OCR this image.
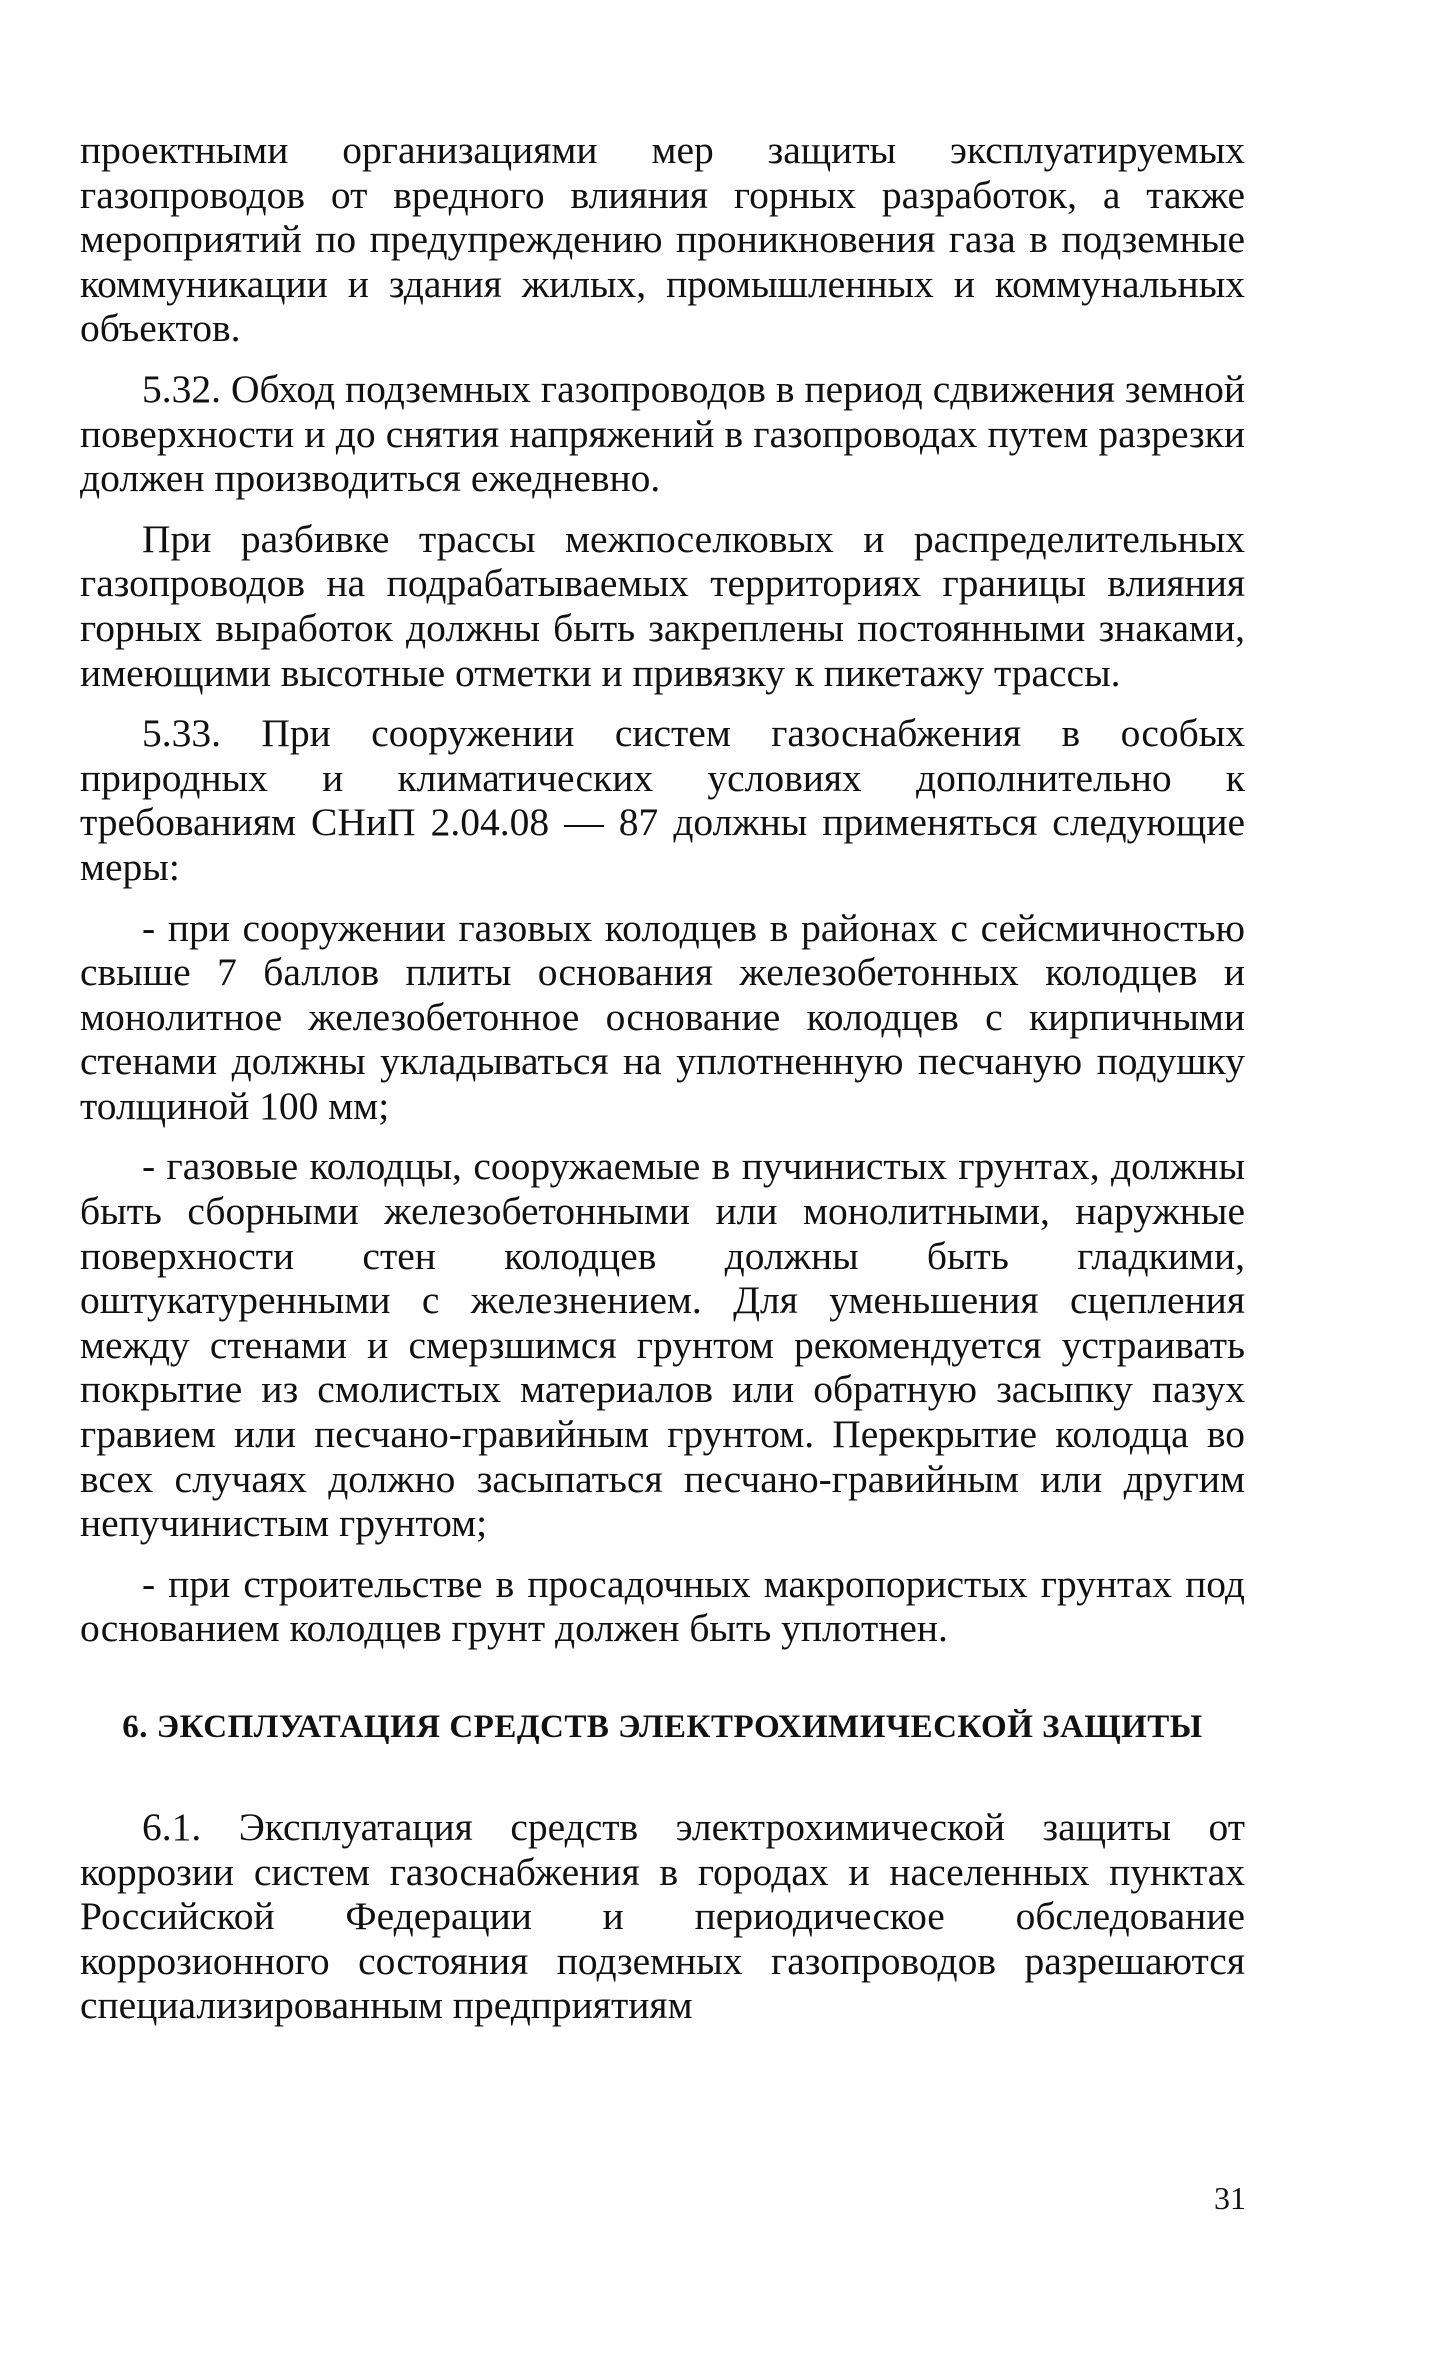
проектными организациями мер защиты эксплуатируемых газопроводов от вредного влияния горных разработок, а также мероприятий по предупреждению проникновения газа в подземные коммуникации и здания жилых, промышленных и коммунальных объектов.

5.32. Обход подземных газопроводов в период сдвижения земной поверхности и до снятия напряжений в газопроводах путем разрезки должен производиться ежедневно.

При разбивке трассы межпоселковых и распределительных газопроводов на подрабатываемых территориях границы влияния горных выработок должны быть закреплены постоянными знаками, имеющими высотные отметки и привязку к пикетажу трассы.

5.33. При сооружении систем газоснабжения в особых природных и климатических условиях дополнительно к требованиям СНиП 2.04.08 — 87 должны применяться следующие меры:

- при сооружении газовых колодцев в районах с сейсмичностью свыше 7 баллов плиты основания железобетонных колодцев и монолитное железобетонное основание колодцев с кирпичными стенами должны укладываться на уплотненную песчаную подушку толщиной 100 мм;

- газовые колодцы, сооружаемые в пучинистых грунтах, должны быть сборными железобетонными или монолитными, наружные поверхности стен колодцев должны быть гладкими, оштукатуренными с железнением. Для уменьшения сцепления между стенами и смерзшимся грунтом рекомендуется устраивать покрытие из смолистых материалов или обратную засыпку пазух гравием или песчано-гравийным грунтом. Перекрытие колодца во всех случаях должно засыпаться песчано-гравийным или другим непучинистым грунтом;

- при строительстве в просадочных макропористых грунтах под основанием колодцев грунт должен быть уплотнен.

6. ЭКСПЛУАТАЦИЯ СРЕДСТВ ЭЛЕКТРОХИМИЧЕСКОЙ ЗАЩИТЫ

6.1. Эксплуатация средств электрохимической защиты от коррозии систем газоснабжения в городах и населенных пунктах Российской Федерации и периодическое обследование коррозионного состояния подземных газопроводов разрешаются специализированным предприятиям

31
